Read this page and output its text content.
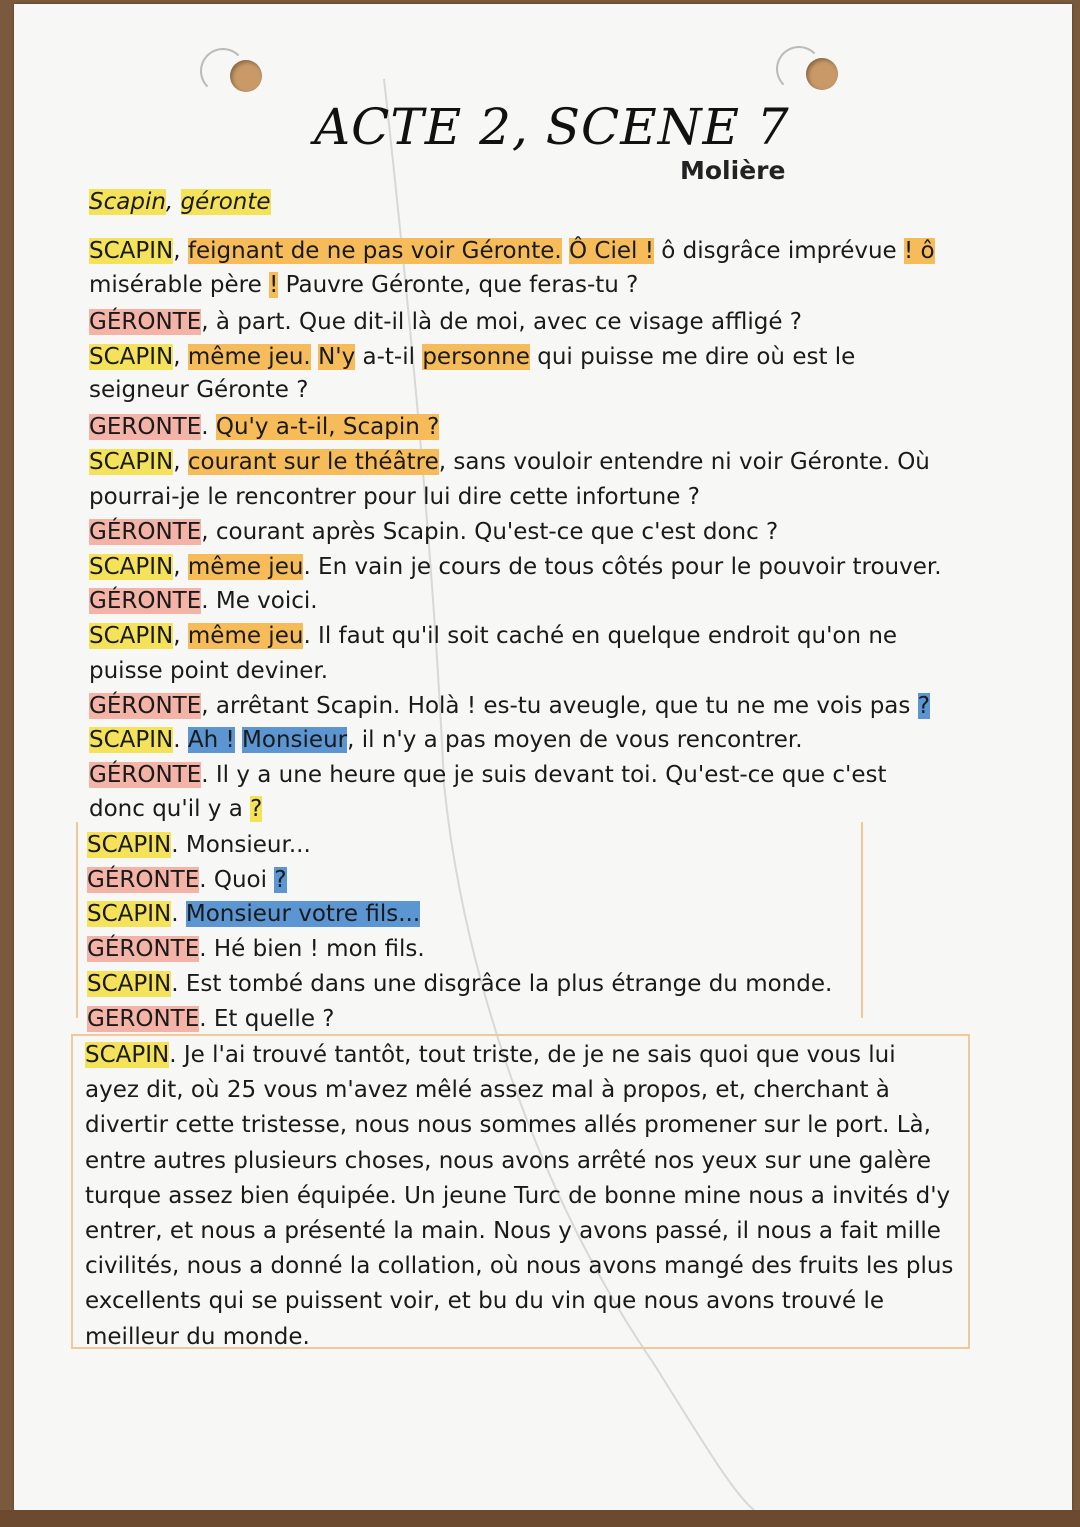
ACTE 2, SCENE 7
Molière
Scapin, géronte
SCAPIN, feignant de ne pas voir Géronte. Ô Ciel ! ô disgrâce imprévue ! ô
misérable père ! Pauvre Géronte, que feras-tu ?
GÉRONTE, à part. Que dit-il là de moi, avec ce visage affligé ?
SCAPIN, même jeu. N'y a-t-il personne qui puisse me dire où est le
seigneur Géronte ?
GERONTE. Qu'y a-t-il, Scapin ?
SCAPIN, courant sur le théâtre, sans vouloir entendre ni voir Géronte. Où
pourrai-je le rencontrer pour lui dire cette infortune ?
GÉRONTE, courant après Scapin. Qu'est-ce que c'est donc ?
SCAPIN, même jeu. En vain je cours de tous côtés pour le pouvoir trouver.
GÉRONTE. Me voici.
SCAPIN, même jeu. Il faut qu'il soit caché en quelque endroit qu'on ne
puisse point deviner.
GÉRONTE, arrêtant Scapin. Holà ! es-tu aveugle, que tu ne me vois pas ?
SCAPIN. Ah ! Monsieur, il n'y a pas moyen de vous rencontrer.
GÉRONTE. Il y a une heure que je suis devant toi. Qu'est-ce que c'est
donc qu'il y a ?
SCAPIN. Monsieur...
GÉRONTE. Quoi ?
SCAPIN. Monsieur votre fils...
GÉRONTE. Hé bien ! mon fils.
SCAPIN. Est tombé dans une disgrâce la plus étrange du monde.
GERONTE. Et quelle ?
SCAPIN. Je l'ai trouvé tantôt, tout triste, de je ne sais quoi que vous lui
ayez dit, où 25 vous m'avez mêlé assez mal à propos, et, cherchant à
divertir cette tristesse, nous nous sommes allés promener sur le port. Là,
entre autres plusieurs choses, nous avons arrêté nos yeux sur une galère
turque assez bien équipée. Un jeune Turc de bonne mine nous a invités d'y
entrer, et nous a présenté la main. Nous y avons passé, il nous a fait mille
civilités, nous a donné la collation, où nous avons mangé des fruits les plus
excellents qui se puissent voir, et bu du vin que nous avons trouvé le
meilleur du monde.
